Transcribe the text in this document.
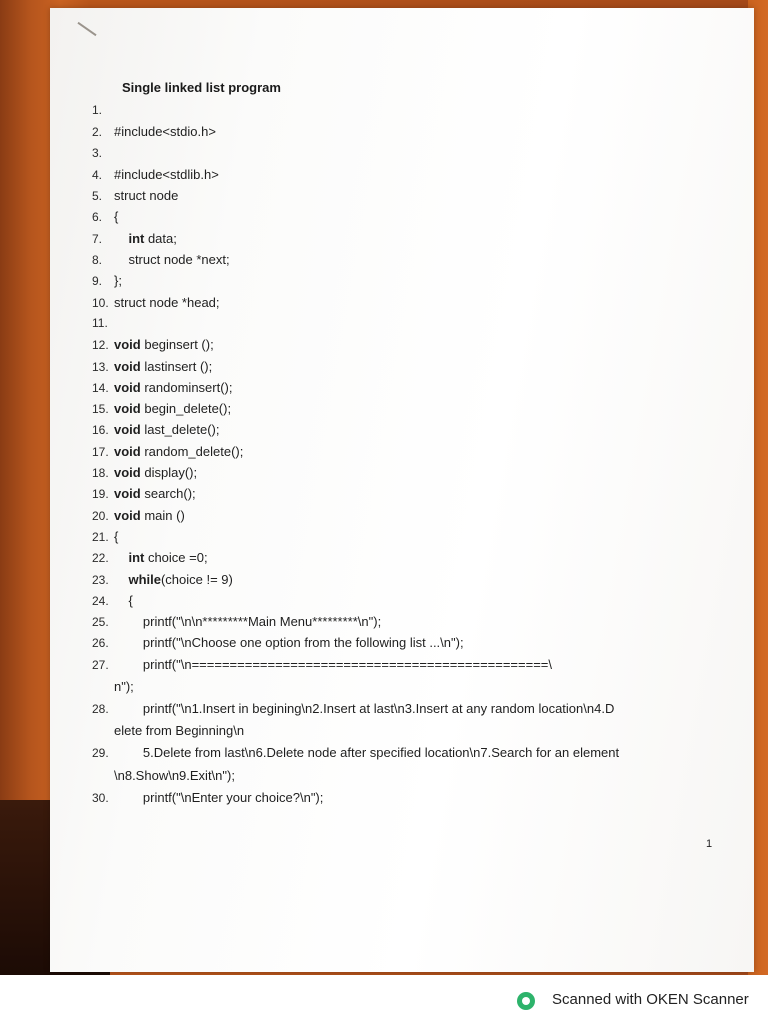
Single linked list program
1.
2. #include<stdio.h>
3.
4. #include<stdlib.h>
5. struct node
6. {
7.	int data;
8. struct node *next;
9. };
10. struct node *head;
11.
12. void beginsert ();
13. void lastinsert ();
14. void randominsert();
15. void begin_delete();
16. void last_delete();
17. void random_delete();
18. void display();
19. void search();
20. void main ()
21. {
22.	int choice =0;
23.	while(choice != 9)
24. {
25. printf("\n\n*********Main Menu*********\n");
26. printf("\nChoose one option from the following list ...\n");
27. printf("\n===============================================\
n");
28. printf("\n1.Insert in begining\n2.Insert at last\n3.Insert at any random location\n4.D
elete from Beginning\n
29. 5.Delete from last\n6.Delete node after specified location\n7.Search for an element
\n8.Show\n9.Exit\n");
30. printf("\nEnter your choice?\n");
1
Scanned with OKEN Scanner
